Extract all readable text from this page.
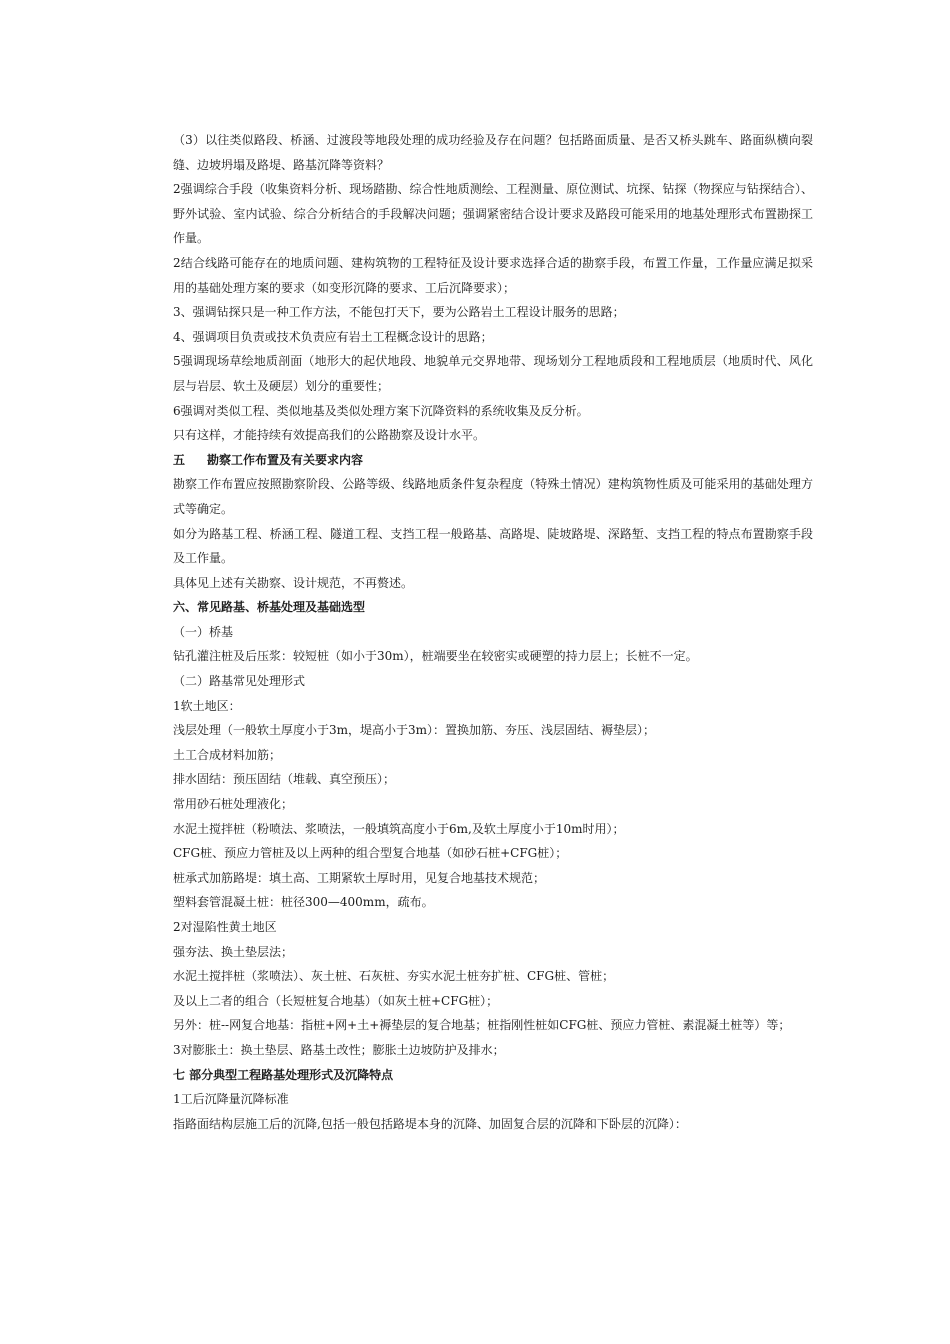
（3）以往类似路段、桥涵、过渡段等地段处理的成功经验及存在问题？包括路面质量、是否又桥头跳车、路面纵横向裂缝、边坡坍塌及路堤、路基沉降等资料？

2强调综合手段（收集资料分析、现场踏勘、综合性地质测绘、工程测量、原位测试、坑探、钻探（物探应与钻探结合）、野外试验、室内试验、综合分析结合的手段解决问题；强调紧密结合设计要求及路段可能采用的地基处理形式布置勘探工作量。

2结合线路可能存在的地质问题、建构筑物的工程特征及设计要求选择合适的勘察手段，布置工作量，工作量应满足拟采用的基础处理方案的要求（如变形沉降的要求、工后沉降要求）；

3、强调钻探只是一种工作方法，不能包打天下，要为公路岩土工程设计服务的思路；

4、强调项目负责或技术负责应有岩土工程概念设计的思路；

5强调现场草绘地质剖面（地形大的起伏地段、地貌单元交界地带、现场划分工程地质段和工程地质层（地质时代、风化层与岩层、软土及硬层）划分的重要性；

6强调对类似工程、类似地基及类似处理方案下沉降资料的系统收集及反分析。

只有这样，才能持续有效提高我们的公路勘察及设计水平。

五 勘察工作布置及有关要求内容

勘察工作布置应按照勘察阶段、公路等级、线路地质条件复杂程度（特殊土情况）建构筑物性质及可能采用的基础处理方式等确定。

如分为路基工程、桥涵工程、隧道工程、支挡工程一般路基、高路堤、陡坡路堤、深路堑、支挡工程的特点布置勘察手段及工作量。

具体见上述有关勘察、设计规范，不再赘述。

六、常见路基、桥基处理及基础选型

（一）桥基

钻孔灌注桩及后压浆：较短桩（如小于30m），桩端要坐在较密实或硬塑的持力层上；长桩不一定。

（二）路基常见处理形式

1软土地区：

浅层处理（一般软土厚度小于3m，堤高小于3m）：置换加筋、夯压、浅层固结、褥垫层）；

土工合成材料加筋；

排水固结：预压固结（堆载、真空预压）；

常用砂石桩处理液化；

水泥土搅拌桩（粉喷法、浆喷法，一般填筑高度小于6m,及软土厚度小于10m时用）；

CFG桩、预应力管桩及以上两种的组合型复合地基（如砂石桩+CFG桩）；

桩承式加筋路堤：填土高、工期紧软土厚时用，见复合地基技术规范；

塑料套管混凝土桩：桩径300—400mm，疏布。

2对湿陷性黄土地区

强夯法、换土垫层法；

水泥土搅拌桩（浆喷法）、灰土桩、石灰桩、夯实水泥土桩夯扩桩、CFG桩、管桩；

及以上二者的组合（长短桩复合地基）（如灰土桩+CFG桩）；

另外：桩--网复合地基：指桩+网+土+褥垫层的复合地基；桩指刚性桩如CFG桩、预应力管桩、素混凝土桩等）等；

3对膨胀土：换土垫层、路基土改性；膨胀土边坡防护及排水；

七 部分典型工程路基处理形式及沉降特点

1工后沉降量沉降标准

指路面结构层施工后的沉降,包括一般包括路堤本身的沉降、加固复合层的沉降和下卧层的沉降）：
